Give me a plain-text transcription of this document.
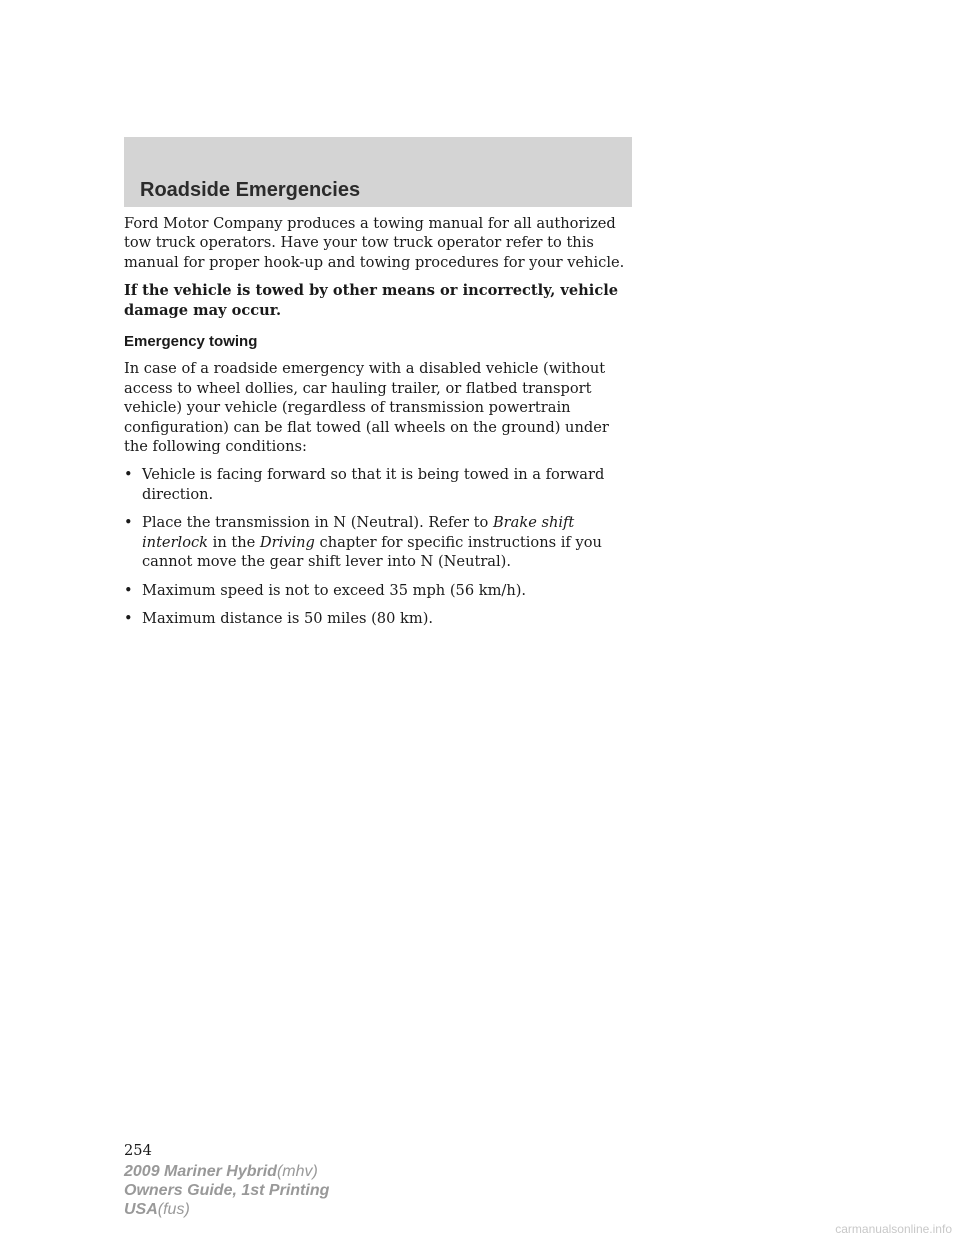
Roadside Emergencies

Ford Motor Company produces a towing manual for all authorized tow truck operators. Have your tow truck operator refer to this manual for proper hook-up and towing procedures for your vehicle.

If the vehicle is towed by other means or incorrectly, vehicle damage may occur.

Emergency towing

In case of a roadside emergency with a disabled vehicle (without access to wheel dollies, car hauling trailer, or flatbed transport vehicle) your vehicle (regardless of transmission powertrain configuration) can be flat towed (all wheels on the ground) under the following conditions:

• Vehicle is facing forward so that it is being towed in a forward direction.
• Place the transmission in N (Neutral). Refer to Brake shift interlock in the Driving chapter for specific instructions if you cannot move the gear shift lever into N (Neutral).
• Maximum speed is not to exceed 35 mph (56 km/h).
• Maximum distance is 50 miles (80 km).
254
2009 Mariner Hybrid(mhv)
Owners Guide, 1st Printing
USA(fus)
carmanualsonline.info
